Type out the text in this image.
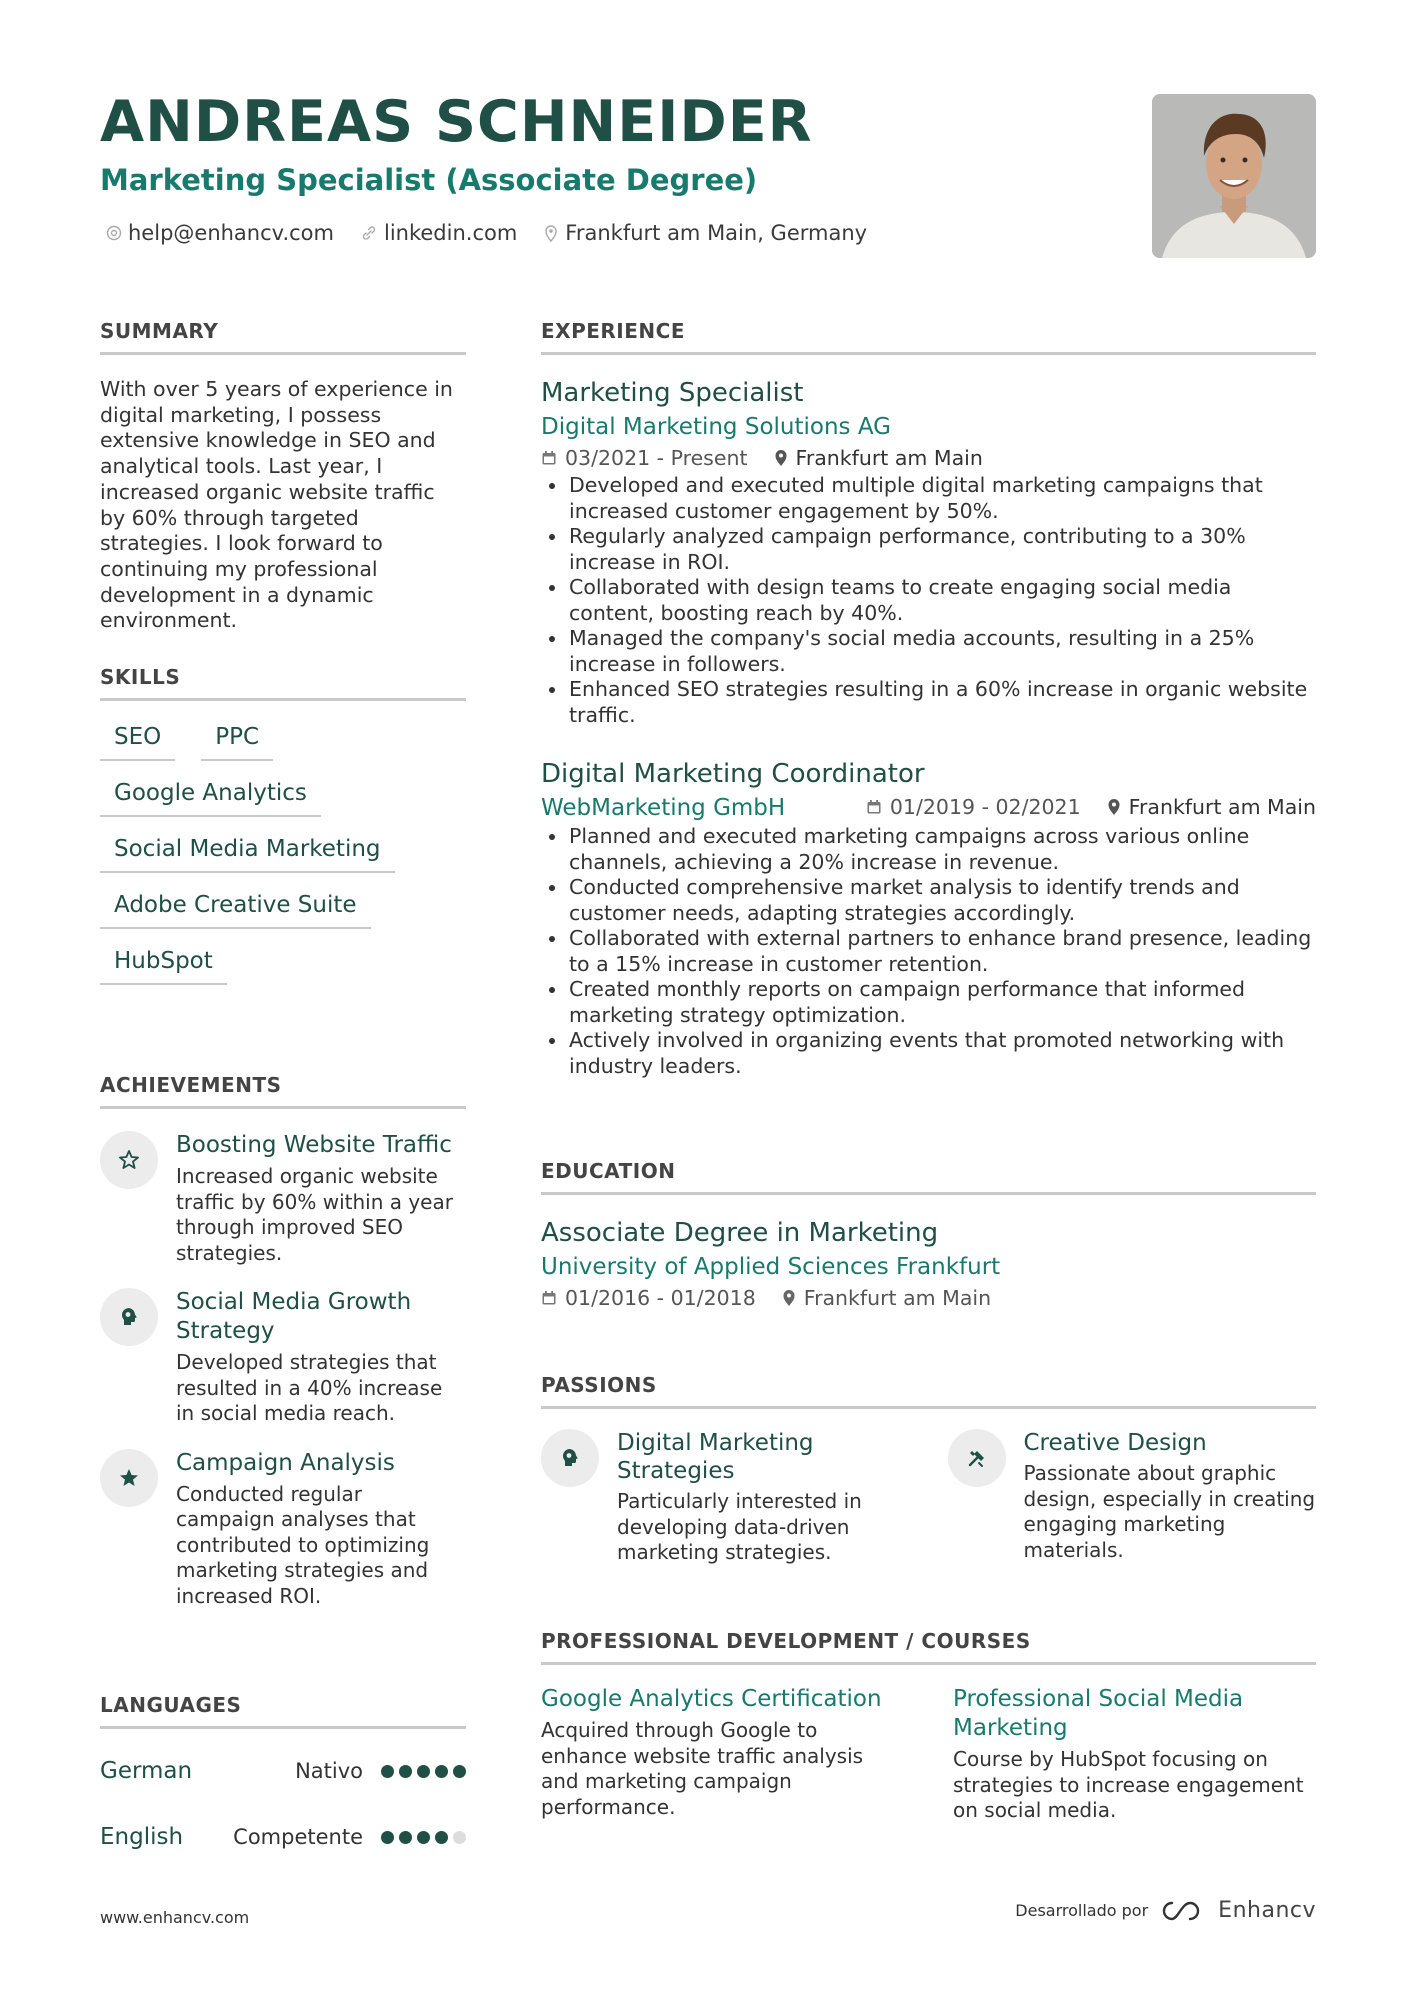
ANDREAS SCHNEIDER
Marketing Specialist (Associate Degree)
help@enhancv.com linkedin.com Frankfurt am Main, Germany
SUMMARY

With over 5 years of experience in digital marketing, I possess extensive knowledge in SEO and analytical tools. Last year, I increased organic website traffic by 60% through targeted strategies. I look forward to continuing my professional development in a dynamic environment.

SKILLS
SEO	PPC
Google Analytics
Social Media Marketing
Adobe Creative Suite
HubSpot
ACHIEVEMENTS

Boosting Website Traffic

Increased organic website traffic by 60% within a year through improved SEO strategies.

Social Media Growth Strategy

Developed strategies that resulted in a 40% increase in social media reach.

Campaign Analysis

Conducted regular campaign analyses that contributed to optimizing marketing strategies and increased ROI.

LANGUAGES
German	Nativo
English	Competente
EXPERIENCE

Marketing Specialist

Digital Marketing Solutions AG

03/2021 - Present Frankfurt am Main
Developed and executed multiple digital marketing campaigns that increased customer engagement by 50%.
Regularly analyzed campaign performance, contributing to a 30% increase in ROI.
Collaborated with design teams to create engaging social media content, boosting reach by 40%.
Managed the company's social media accounts, resulting in a 25% increase in followers.
Enhanced SEO strategies resulting in a 60% increase in organic website traffic.

Digital Marketing Coordinator

WebMarketing GmbH	01/2019 - 02/2021 Frankfurt am Main
Planned and executed marketing campaigns across various online channels, achieving a 20% increase in revenue.
Conducted comprehensive market analysis to identify trends and customer needs, adapting strategies accordingly.
Collaborated with external partners to enhance brand presence, leading to a 15% increase in customer retention.
Created monthly reports on campaign performance that informed marketing strategy optimization.
Actively involved in organizing events that promoted networking with industry leaders.
EDUCATION

Associate Degree in Marketing

University of Applied Sciences Frankfurt

01/2016 - 01/2018 Frankfurt am Main
PASSIONS

Digital Marketing Strategies

Particularly interested in developing data-driven marketing strategies.

Creative Design

Passionate about graphic design, especially in creating engaging marketing materials.

PROFESSIONAL DEVELOPMENT / COURSES

Google Analytics Certification

Acquired through Google to enhance website traffic analysis and marketing campaign performance.

Professional Social Media Marketing

Course by HubSpot focusing on strategies to increase engagement on social media.

www.enhancv.com	Desarrollado por	Enhancv
